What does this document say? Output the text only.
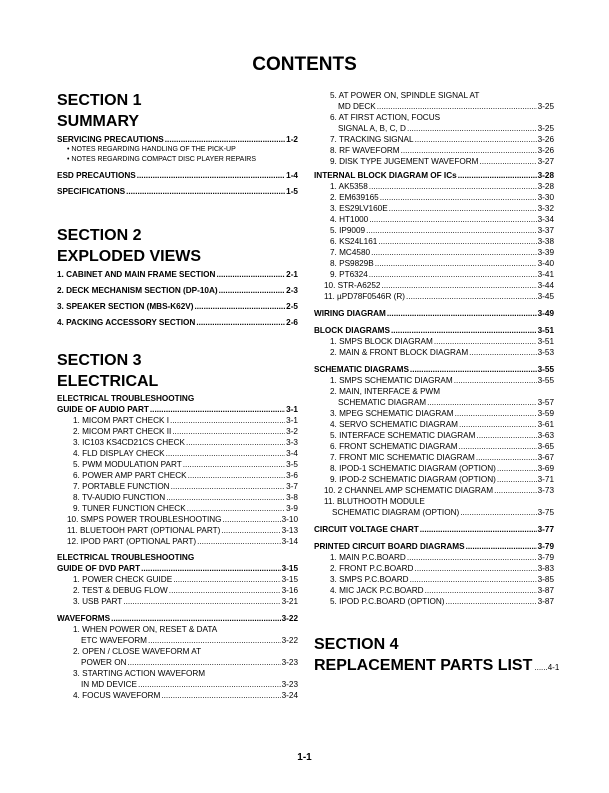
CONTENTS
SECTION 1
SUMMARY
SERVICING PRECAUTIONS .....	1-2
• NOTES REGARDING HANDLING OF THE PICK-UP
• NOTES REGARDING COMPACT DISC PLAYER REPAIRS
ESD PRECAUTIONS .....	1-4
SPECIFICATIONS .....	1-5
SECTION 2
EXPLODED VIEWS
1. CABINET AND MAIN FRAME SECTION .....	2-1
2. DECK MECHANISM SECTION (DP-10A) .....	2-3
3. SPEAKER SECTION (MBS-K62V) .....	2-5
4. PACKING ACCESSORY SECTION .....	2-6
SECTION 3
ELECTRICAL
ELECTRICAL TROUBLESHOOTING
GUIDE OF AUDIO PART .....	3-1
1. MICOM PART CHECK I .....	3-1
2. MICOM PART CHECK II .....	3-2
3. IC103 KS4CD21CS CHECK .....	3-3
4. FLD DISPLAY CHECK .....	3-4
5. PWM MODULATION PART .....	3-5
6. POWER AMP PART CHECK .....	3-6
7. PORTABLE FUNCTION .....	3-7
8. TV-AUDIO FUNCTION .....	3-8
9. TUNER FUNCTION CHECK .....	3-9
10. SMPS POWER TROUBLESHOOTING .....	3-10
11. BLUETOOH PART (OPTIONAL PART) .....	3-13
12. IPOD PART (OPTIONAL PART) .....	3-14
ELECTRICAL TROUBLESHOOTING
GUIDE OF DVD PART .....	3-15
1. POWER CHECK GUIDE .....	3-15
2. TEST & DEBUG FLOW .....	3-16
3. USB PART .....	3-21
WAVEFORMS .....	3-22
1. WHEN POWER ON, RESET & DATA
ETC WAVEFORM .....	3-22
2. OPEN / CLOSE WAVEFORM AT
POWER ON .....	3-23
3. STARTING ACTION WAVEFORM
IN MD DEVICE .....	3-23
4. FOCUS WAVEFORM .....	3-24
5. AT POWER ON, SPINDLE SIGNAL AT
MD DECK .....	3-25
6. AT FIRST ACTION, FOCUS
SIGNAL A, B, C, D .....	3-25
7. TRACKING SIGNAL .....	3-26
8. RF WAVEFORM .....	3-26
9. DISK TYPE JUGEMENT WAVEFORM .....	3-27
INTERNAL BLOCK DIAGRAM OF ICs .....	3-28
1. AK5358 .....	3-28
2. EM639165 .....	3-30
3. ES29LV160E .....	3-32
4. HT1000 .....	3-34
5. IP9009 .....	3-37
6. KS24L161 .....	3-38
7. MC4580 .....	3-39
8. PS9829B .....	3-40
9. PT6324 .....	3-41
10. STR-A6252 .....	3-44
11. µPD78F0546R (R) .....	3-45
WIRING DIAGRAM .....	3-49
BLOCK DIAGRAMS .....	3-51
1. SMPS BLOCK DIAGRAM .....	3-51
2. MAIN & FRONT BLOCK DIAGRAM .....	3-53
SCHEMATIC DIAGRAMS .....	3-55
1. SMPS SCHEMATIC DIAGRAM .....	3-55
2. MAIN, INTERFACE & PWM
SCHEMATIC DIAGRAM .....	3-57
3. MPEG SCHEMATIC DIAGRAM .....	3-59
4. SERVO SCHEMATIC DIAGRAM .....	3-61
5. INTERFACE SCHEMATIC DIAGRAM .....	3-63
6. FRONT SCHEMATIC DIAGRAM .....	3-65
7. FRONT MIC SCHEMATIC DIAGRAM .....	3-67
8. IPOD-1 SCHEMATIC DIAGRAM (OPTION) .....	3-69
9. IPOD-2 SCHEMATIC DIAGRAM (OPTION) .....	3-71
10. 2 CHANNEL AMP SCHEMATIC DIAGRAM .....	3-73
11. BLUTHOOTH MODULE
SCHEMATIC DIAGRAM (OPTION) .....	3-75
CIRCUIT VOLTAGE CHART .....	3-77
PRINTED CIRCUIT BOARD DIAGRAMS .....	3-79
1. MAIN P.C.BOARD .....	3-79
2. FRONT P.C.BOARD .....	3-83
3. SMPS P.C.BOARD .....	3-85
4. MIC JACK P.C.BOARD .....	3-87
5. IPOD P.C.BOARD (OPTION) .....	3-87
SECTION 4
REPLACEMENT PARTS LIST ...... 4-1
1-1
